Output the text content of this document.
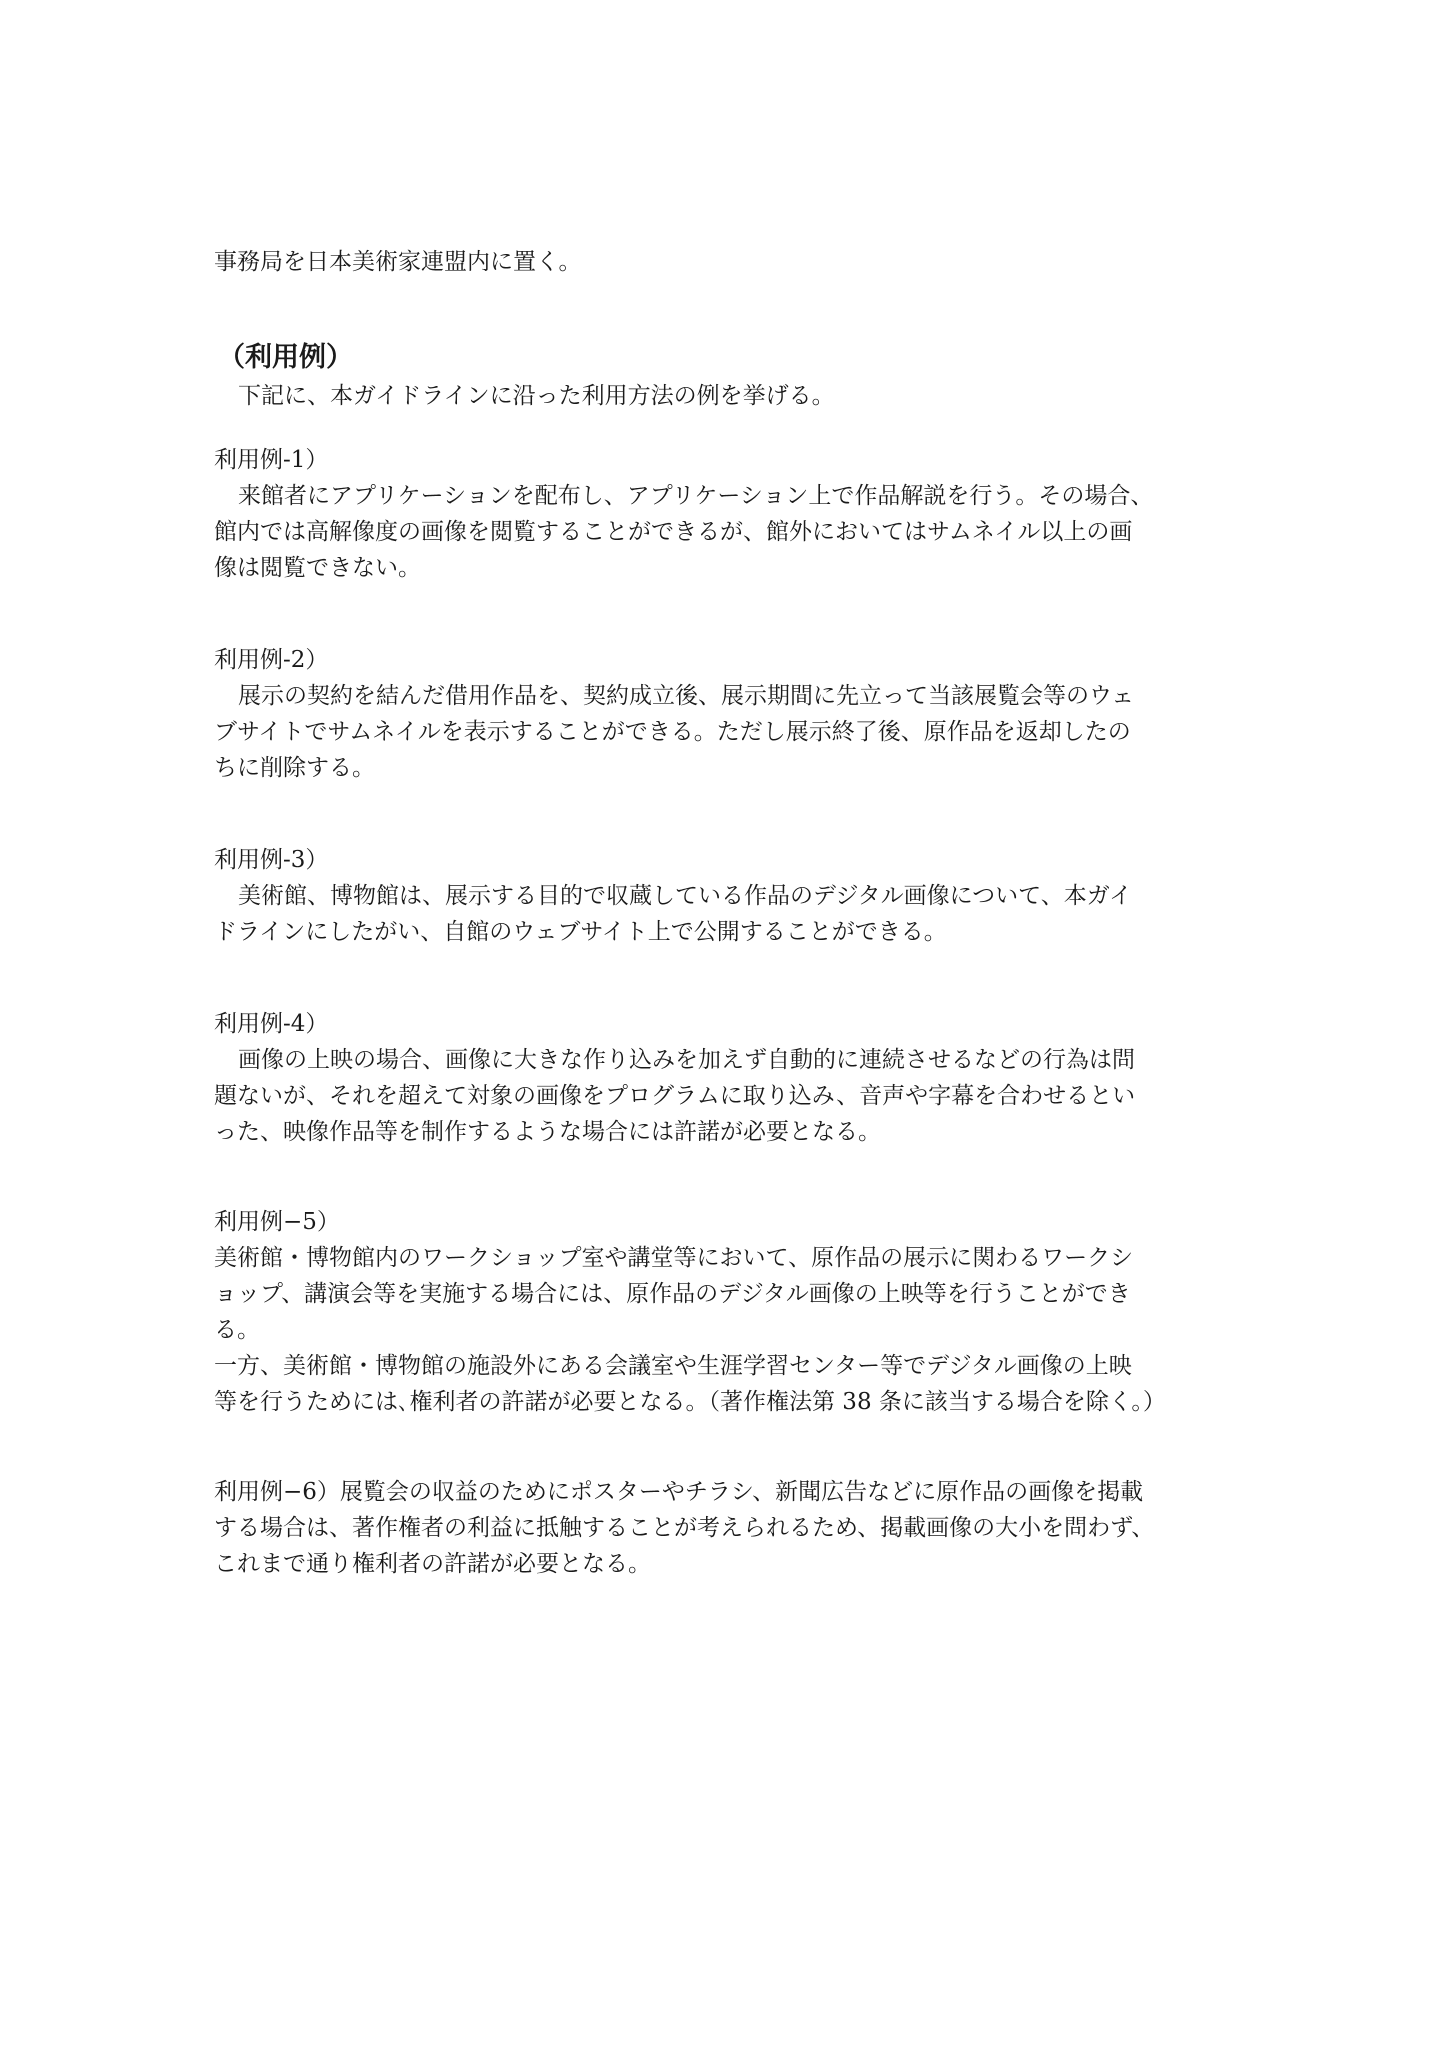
事務局を日本美術家連盟内に置く。
（利用例）
下記に、本ガイドラインに沿った利用方法の例を挙げる。
利用例-1）
来館者にアプリケーションを配布し、アプリケーション上で作品解説を行う。その場合、
館内では高解像度の画像を閲覧することができるが、館外においてはサムネイル以上の画
像は閲覧できない。
利用例-2）
展示の契約を結んだ借用作品を、契約成立後、展示期間に先立って当該展覧会等のウェ
ブサイトでサムネイルを表示することができる。ただし展示終了後、原作品を返却したの
ちに削除する。
利用例-3）
美術館、博物館は、展示する目的で収蔵している作品のデジタル画像について、本ガイ
ドラインにしたがい、自館のウェブサイト上で公開することができる。
利用例-4）
画像の上映の場合、画像に大きな作り込みを加えず自動的に連続させるなどの行為は問
題ないが、それを超えて対象の画像をプログラムに取り込み、音声や字幕を合わせるとい
った、映像作品等を制作するような場合には許諾が必要となる。
利用例−5）
美術館・博物館内のワークショップ室や講堂等において、原作品の展示に関わるワークシ
ョップ、講演会等を実施する場合には、原作品のデジタル画像の上映等を行うことができ
る。
一方、美術館・博物館の施設外にある会議室や生涯学習センター等でデジタル画像の上映
等を行うためには､権利者の許諾が必要となる。（著作権法第 38 条に該当する場合を除く。）
利用例−6）展覧会の収益のためにポスターやチラシ、新聞広告などに原作品の画像を掲載
する場合は、著作権者の利益に抵触することが考えられるため、掲載画像の大小を問わず、
これまで通り権利者の許諾が必要となる。
